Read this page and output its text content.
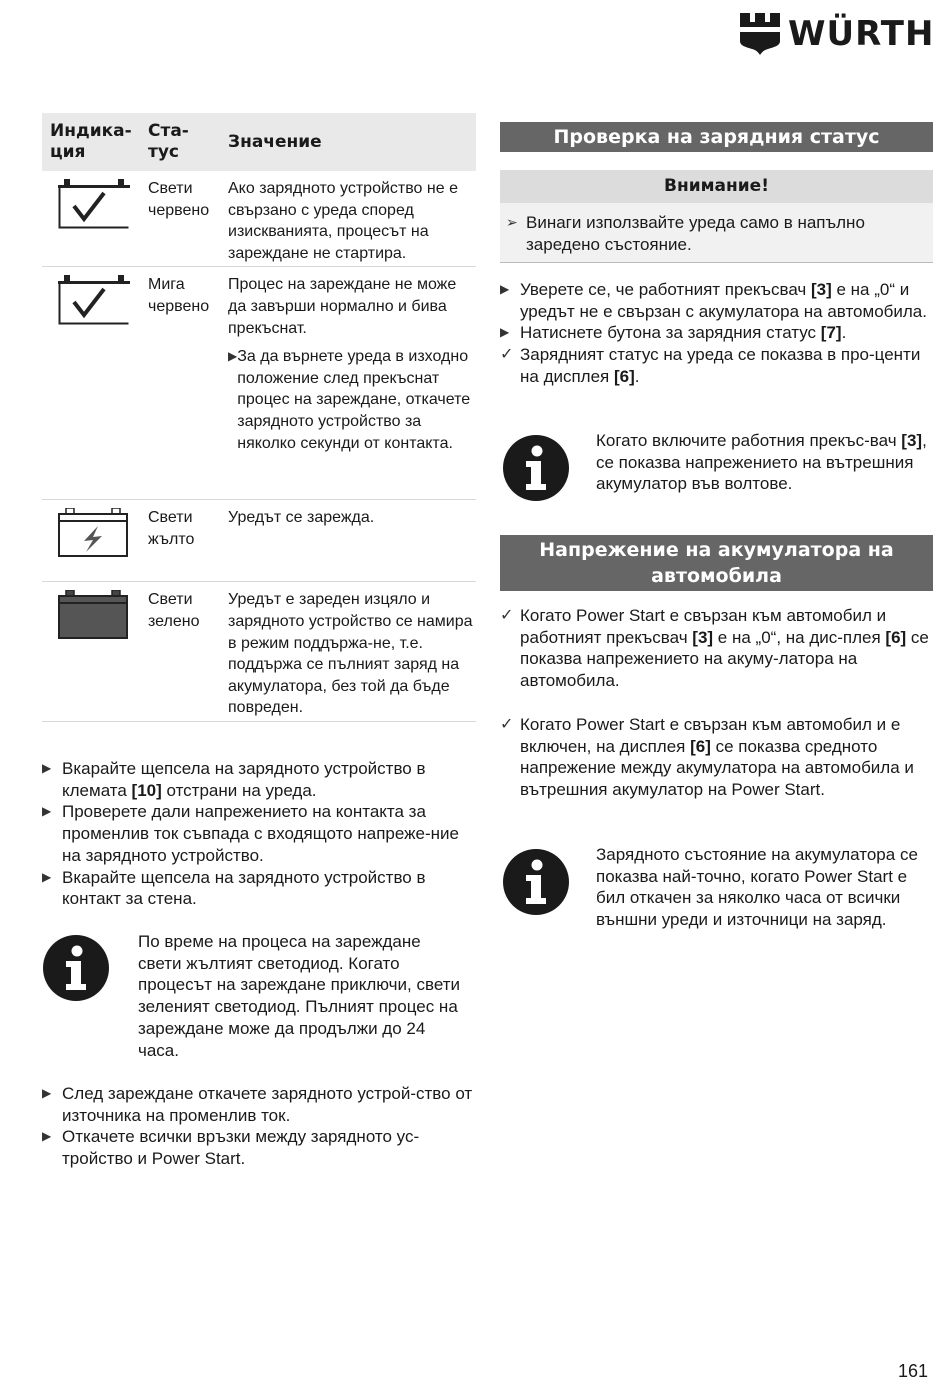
WÜRTH
Индика-ция	Ста-тус	Значение

	Свети червено	Ако зарядното устройство не е свързано с уреда според изискванията, процесът на зареждане не стартира.

	Мига червено	Процес на зареждане не може да завърши нормално и бива прекъснат.
▶ За да върнете уреда в изходно положение след прекъснат процес на зареждане, откачете зарядното устройство за няколко секунди от контакта.

	Свети жълто	Уредът се зарежда.

	Свети зелено	Уредът е зареден изцяло и зарядното устройство се намира в режим поддържа-не, т.е. поддържа се пълният заряд на акумулатора, без той да бъде повреден.
▶ Вкарайте щепсела на зарядното устройство в клемата [10] отстрани на уреда.
▶ Проверете дали напрежението на контакта за променлив ток съвпада с входящото напреже-ние на зарядното устройство.
▶ Вкарайте щепсела на зарядното устройство в контакт за стена.
По време на процеса на зареждане свети жълтият светодиод. Когато процесът на зареждане приключи, свети зеленият светодиод. Пълният процес на зареждане може да продължи до 24 часа.
▶ След зареждане откачете зарядното устрой-ство от източника на променлив ток.
▶ Откачете всички връзки между зарядното ус-тройство и Power Start.
Проверка на зарядния статус
Внимание!
➢ Винаги използвайте уреда само в напълно заредено състояние.
▶ Уверете се, че работният прекъсвач [3] е на „0“ и уредът не е свързан с акумулатора на автомобила.
▶ Натиснете бутона за зарядния статус [7].
✓ Зарядният статус на уреда се показва в про-центи на дисплея [6].
Когато включите работния прекъс-вач [3], се показва напрежението на вътрешния акумулатор във волтове.
Напрежение на акумулатора на автомобила
✓ Когато Power Start е свързан към автомобил и работният прекъсвач [3] е на „0“, на дис-плея [6] се показва напрежението на акуму-латора на автомобила.
✓ Когато Power Start е свързан към автомобил и е включен, на дисплея [6] се показва средното напрежение между акумулатора на автомобила и вътрешния акумулатор на Power Start.
Зарядното състояние на акумулатора се показва най-точно, когато Power Start е бил откачен за няколко часа от всички външни уреди и източници на заряд.
161
